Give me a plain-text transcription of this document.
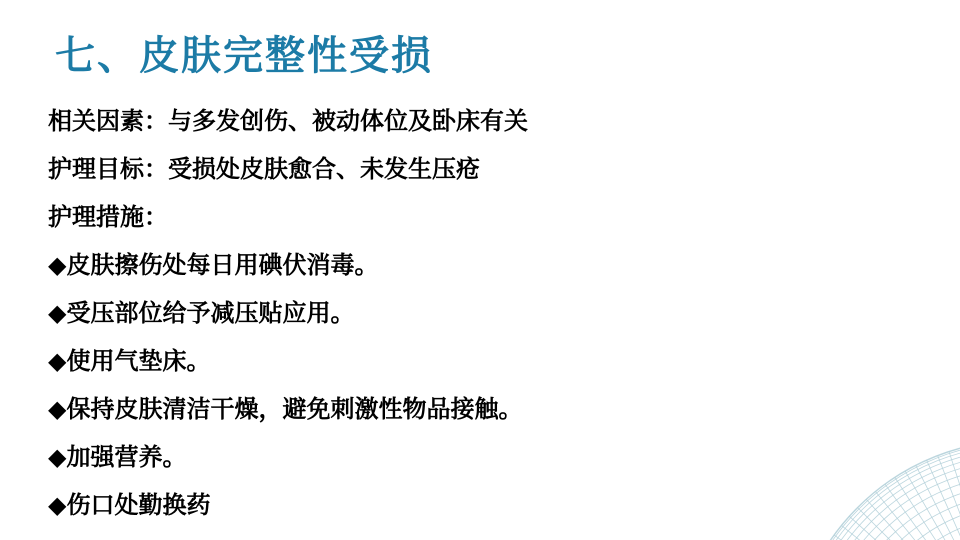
七、皮肤完整性受损
相关因素：与多发创伤、被动体位及卧床有关
护理目标：受损处皮肤愈合、未发生压疮
护理措施：
◆皮肤擦伤处每日用碘伏消毒。
◆受压部位给予减压贴应用。
◆使用气垫床。
◆保持皮肤清洁干燥，避免刺激性物品接触。
◆加强营养。
◆伤口处勤换药
